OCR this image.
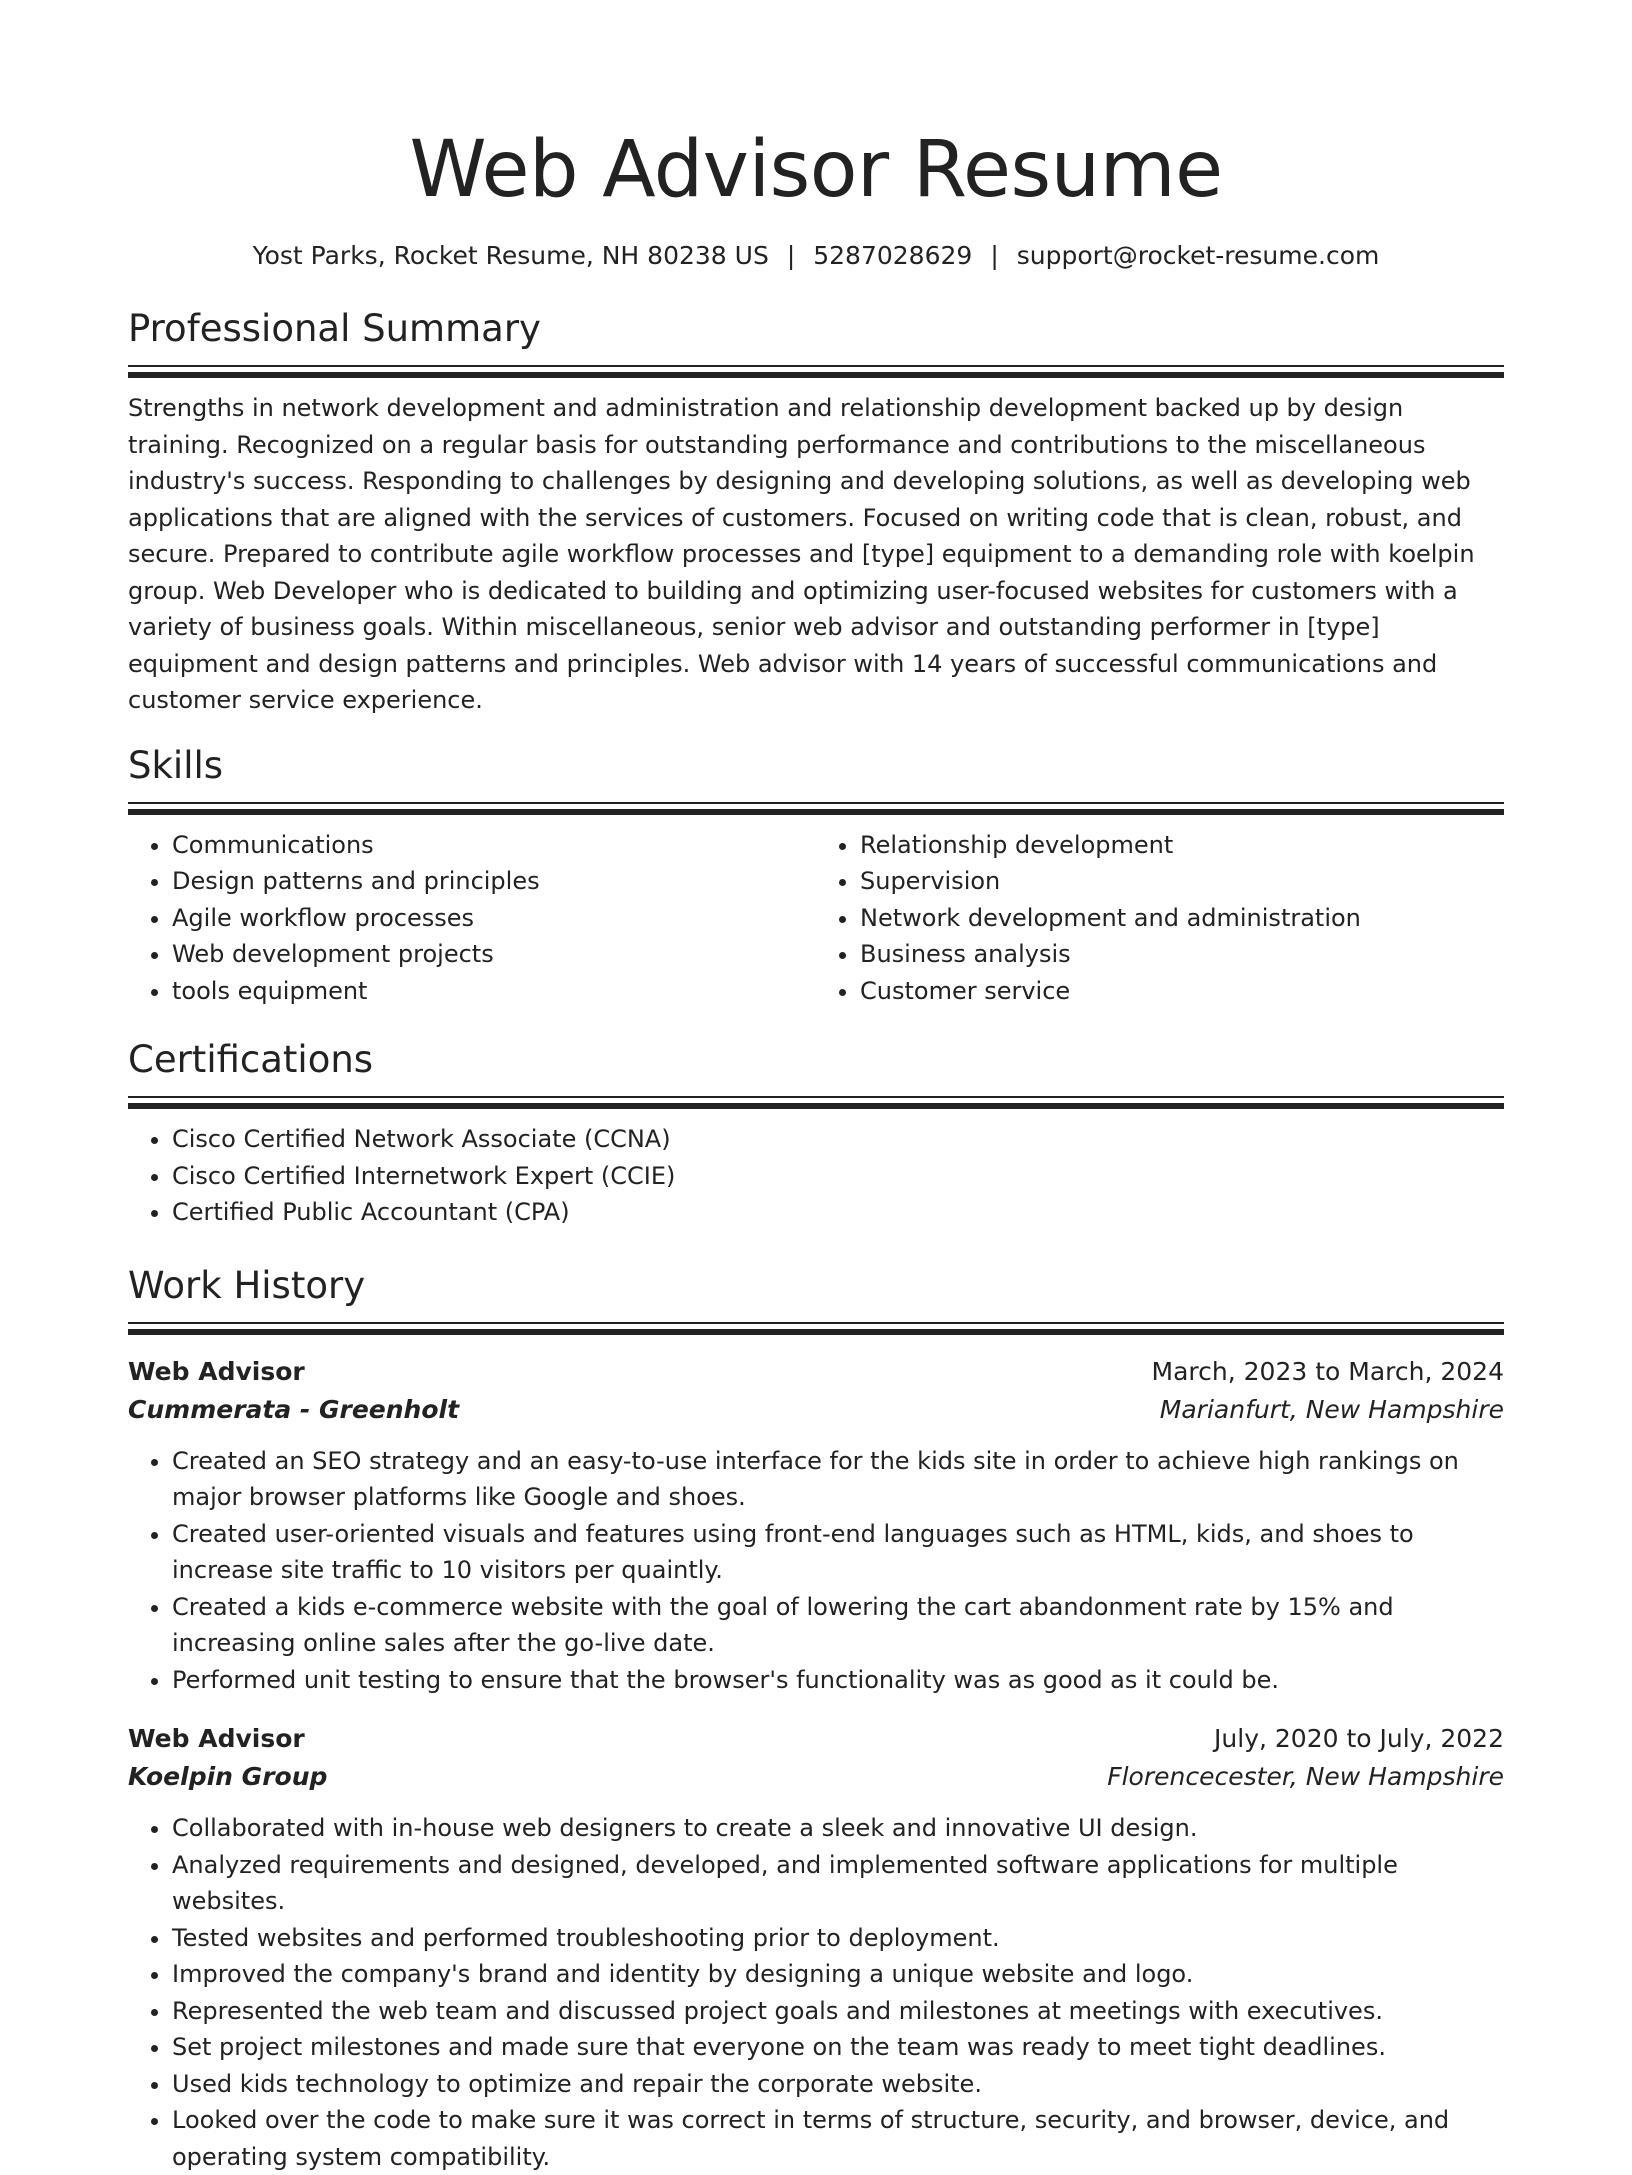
Web Advisor Resume
Yost Parks, Rocket Resume, NH 80238 US | 5287028629 | support@rocket-resume.com
Professional Summary

Strengths in network development and administration and relationship development backed up by design training. Recognized on a regular basis for outstanding performance and contributions to the miscellaneous industry's success. Responding to challenges by designing and developing solutions, as well as developing web applications that are aligned with the services of customers. Focused on writing code that is clean, robust, and secure. Prepared to contribute agile workflow processes and [type] equipment to a demanding role with koelpin group. Web Developer who is dedicated to building and optimizing user-focused websites for customers with a variety of business goals. Within miscellaneous, senior web advisor and outstanding performer in [type] equipment and design patterns and principles. Web advisor with 14 years of successful communications and customer service experience.

Skills
• Communications
• Design patterns and principles
• Agile workflow processes
• Web development projects
• tools equipment
• Relationship development
• Supervision
• Network development and administration
• Business analysis
• Customer service
Certifications
• Cisco Certified Network Associate (CCNA)
• Cisco Certified Internetwork Expert (CCIE)
• Certified Public Accountant (CPA)
Work History
Web Advisor	March, 2023 to March, 2024
Cummerata - Greenholt	Marianfurt, New Hampshire
• Created an SEO strategy and an easy-to-use interface for the kids site in order to achieve high rankings on major browser platforms like Google and shoes.
• Created user-oriented visuals and features using front-end languages such as HTML, kids, and shoes to increase site traffic to 10 visitors per quaintly.
• Created a kids e-commerce website with the goal of lowering the cart abandonment rate by 15% and increasing online sales after the go-live date.
• Performed unit testing to ensure that the browser's functionality was as good as it could be.
Web Advisor	July, 2020 to July, 2022
Koelpin Group	Florencecester, New Hampshire
• Collaborated with in-house web designers to create a sleek and innovative UI design.
• Analyzed requirements and designed, developed, and implemented software applications for multiple websites.
• Tested websites and performed troubleshooting prior to deployment.
• Improved the company's brand and identity by designing a unique website and logo.
• Represented the web team and discussed project goals and milestones at meetings with executives.
• Set project milestones and made sure that everyone on the team was ready to meet tight deadlines.
• Used kids technology to optimize and repair the corporate website.
• Looked over the code to make sure it was correct in terms of structure, security, and browser, device, and operating system compatibility.
